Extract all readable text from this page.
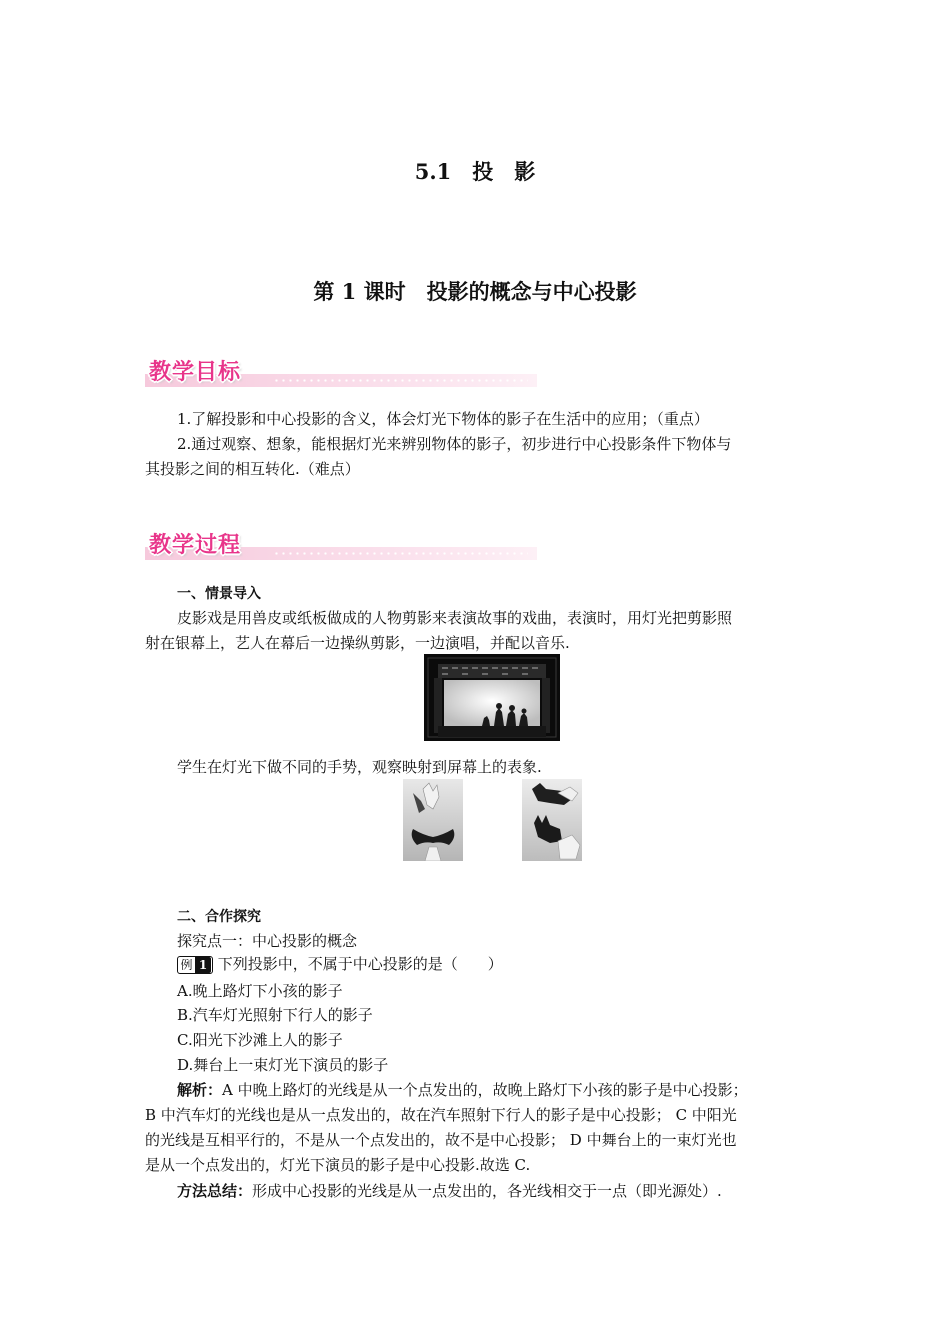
5.1　投　影
第 1 课时　投影的概念与中心投影
教学目标
1.了解投影和中心投影的含义，体会灯光下物体的影子在生活中的应用；（重点）
2.通过观察、想象，能根据灯光来辨别物体的影子，初步进行中心投影条件下物体与
其投影之间的相互转化.（难点）
教学过程
一、情景导入
皮影戏是用兽皮或纸板做成的人物剪影来表演故事的戏曲，表演时，用灯光把剪影照
射在银幕上，艺人在幕后一边操纵剪影，一边演唱，并配以音乐.
学生在灯光下做不同的手势，观察映射到屏幕上的表象.
二、合作探究
探究点一：中心投影的概念
例 1 下列投影中，不属于中心投影的是（　　）
A.晚上路灯下小孩的影子
B.汽车灯光照射下行人的影子
C.阳光下沙滩上人的影子
D.舞台上一束灯光下演员的影子
解析：A 中晚上路灯的光线是从一个点发出的，故晚上路灯下小孩的影子是中心投影；
B 中汽车灯的光线也是从一点发出的，故在汽车照射下行人的影子是中心投影； C 中阳光
的光线是互相平行的，不是从一个点发出的，故不是中心投影； D 中舞台上的一束灯光也
是从一个点发出的，灯光下演员的影子是中心投影.故选 C.
方法总结：形成中心投影的光线是从一点发出的，各光线相交于一点（即光源处）.
